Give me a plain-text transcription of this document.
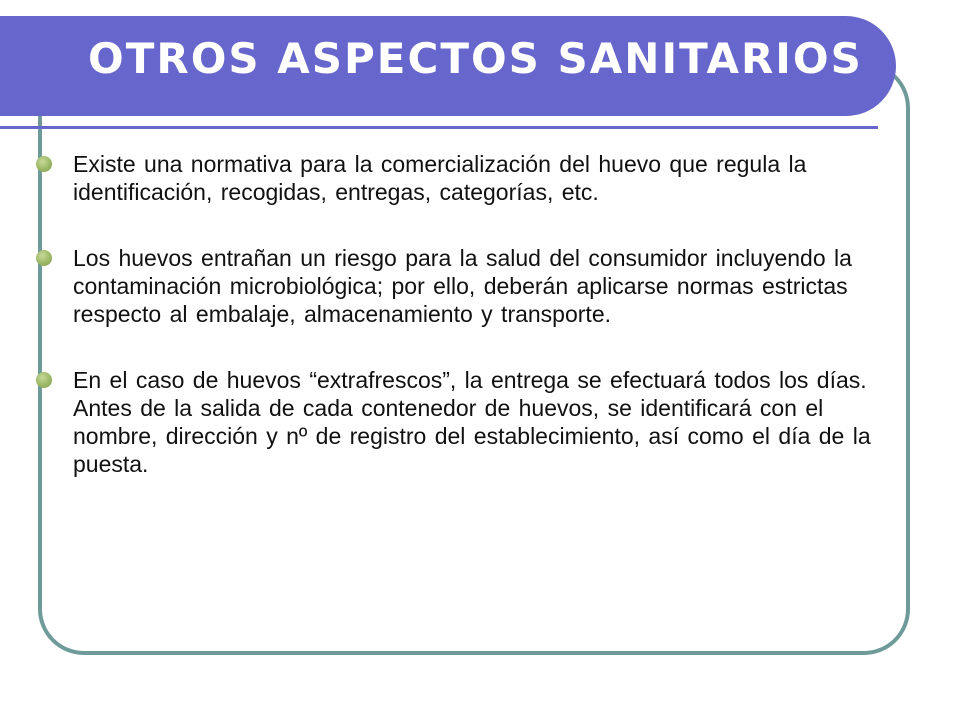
OTROS ASPECTOS SANITARIOS
Existe una normativa para la comercialización del huevo que regula la identificación, recogidas, entregas, categorías, etc.
Los huevos entrañan un riesgo para la salud del consumidor incluyendo la contaminación microbiológica; por ello, deberán aplicarse normas estrictas respecto al embalaje, almacenamiento y transporte.
En el caso de huevos “extrafrescos”, la entrega se efectuará todos los días. Antes de la salida de cada contenedor de huevos, se identificará con el nombre, dirección y nº de registro del establecimiento, así como el día de la puesta.
